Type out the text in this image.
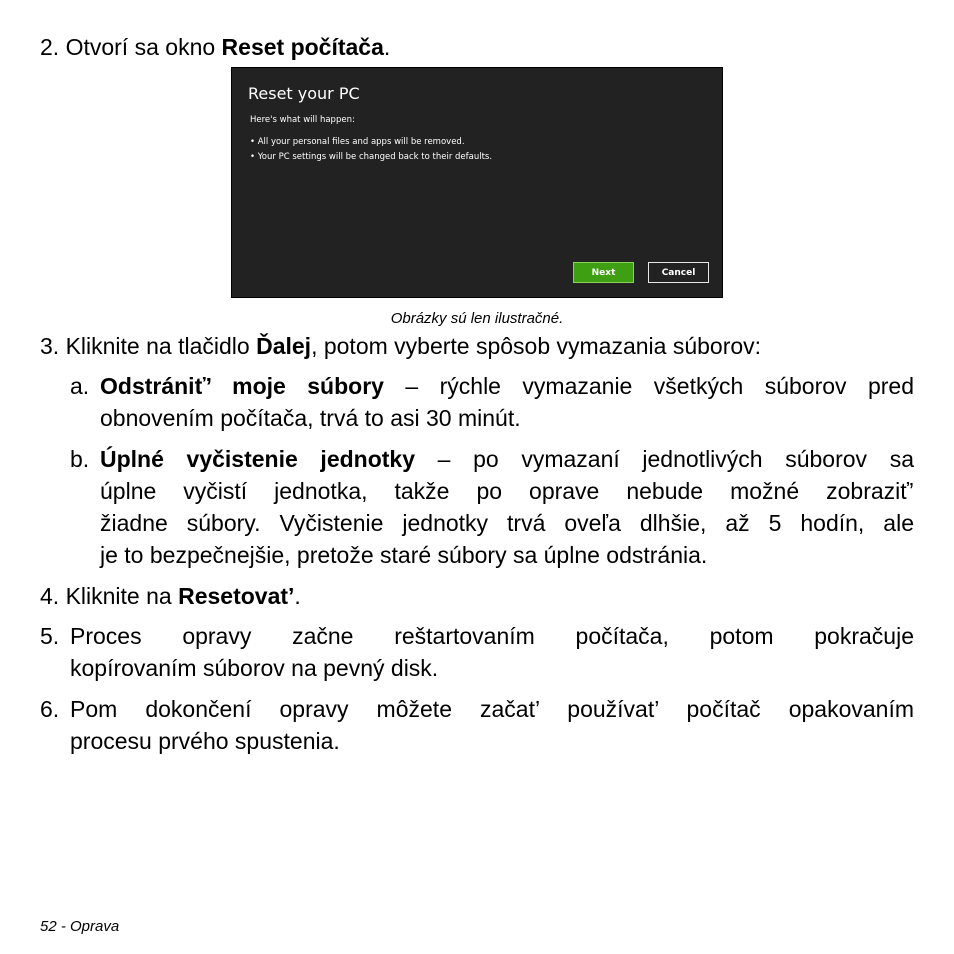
2. Otvorí sa okno Reset počítača.
Reset your PC
Here's what will happen:
• All your personal files and apps will be removed.
• Your PC settings will be changed back to their defaults.
Next	Cancel
Obrázky sú len ilustračné.
3. Kliknite na tlačidlo Ďalej, potom vyberte spôsob vymazania súborov:
a. Odstrániť’ moje súbory – rýchle vymazanie všetkých súborov pred
obnovením počítača, trvá to asi 30 minút.
b. Úplné vyčistenie jednotky – po vymazaní jednotlivých súborov sa
úplne vyčistí jednotka, takže po oprave nebude možné zobraziť’
žiadne súbory. Vyčistenie jednotky trvá oveľa dlhšie, až 5 hodín, ale
je to bezpečnejšie, pretože staré súbory sa úplne odstránia.
4. Kliknite na Resetovat’.
5. Proces opravy začne reštartovaním počítača, potom pokračuje
kopírovaním súborov na pevný disk.
6. Pom dokončení opravy môžete začat’ používat’ počítač opakovaním
procesu prvého spustenia.
52 - Oprava
